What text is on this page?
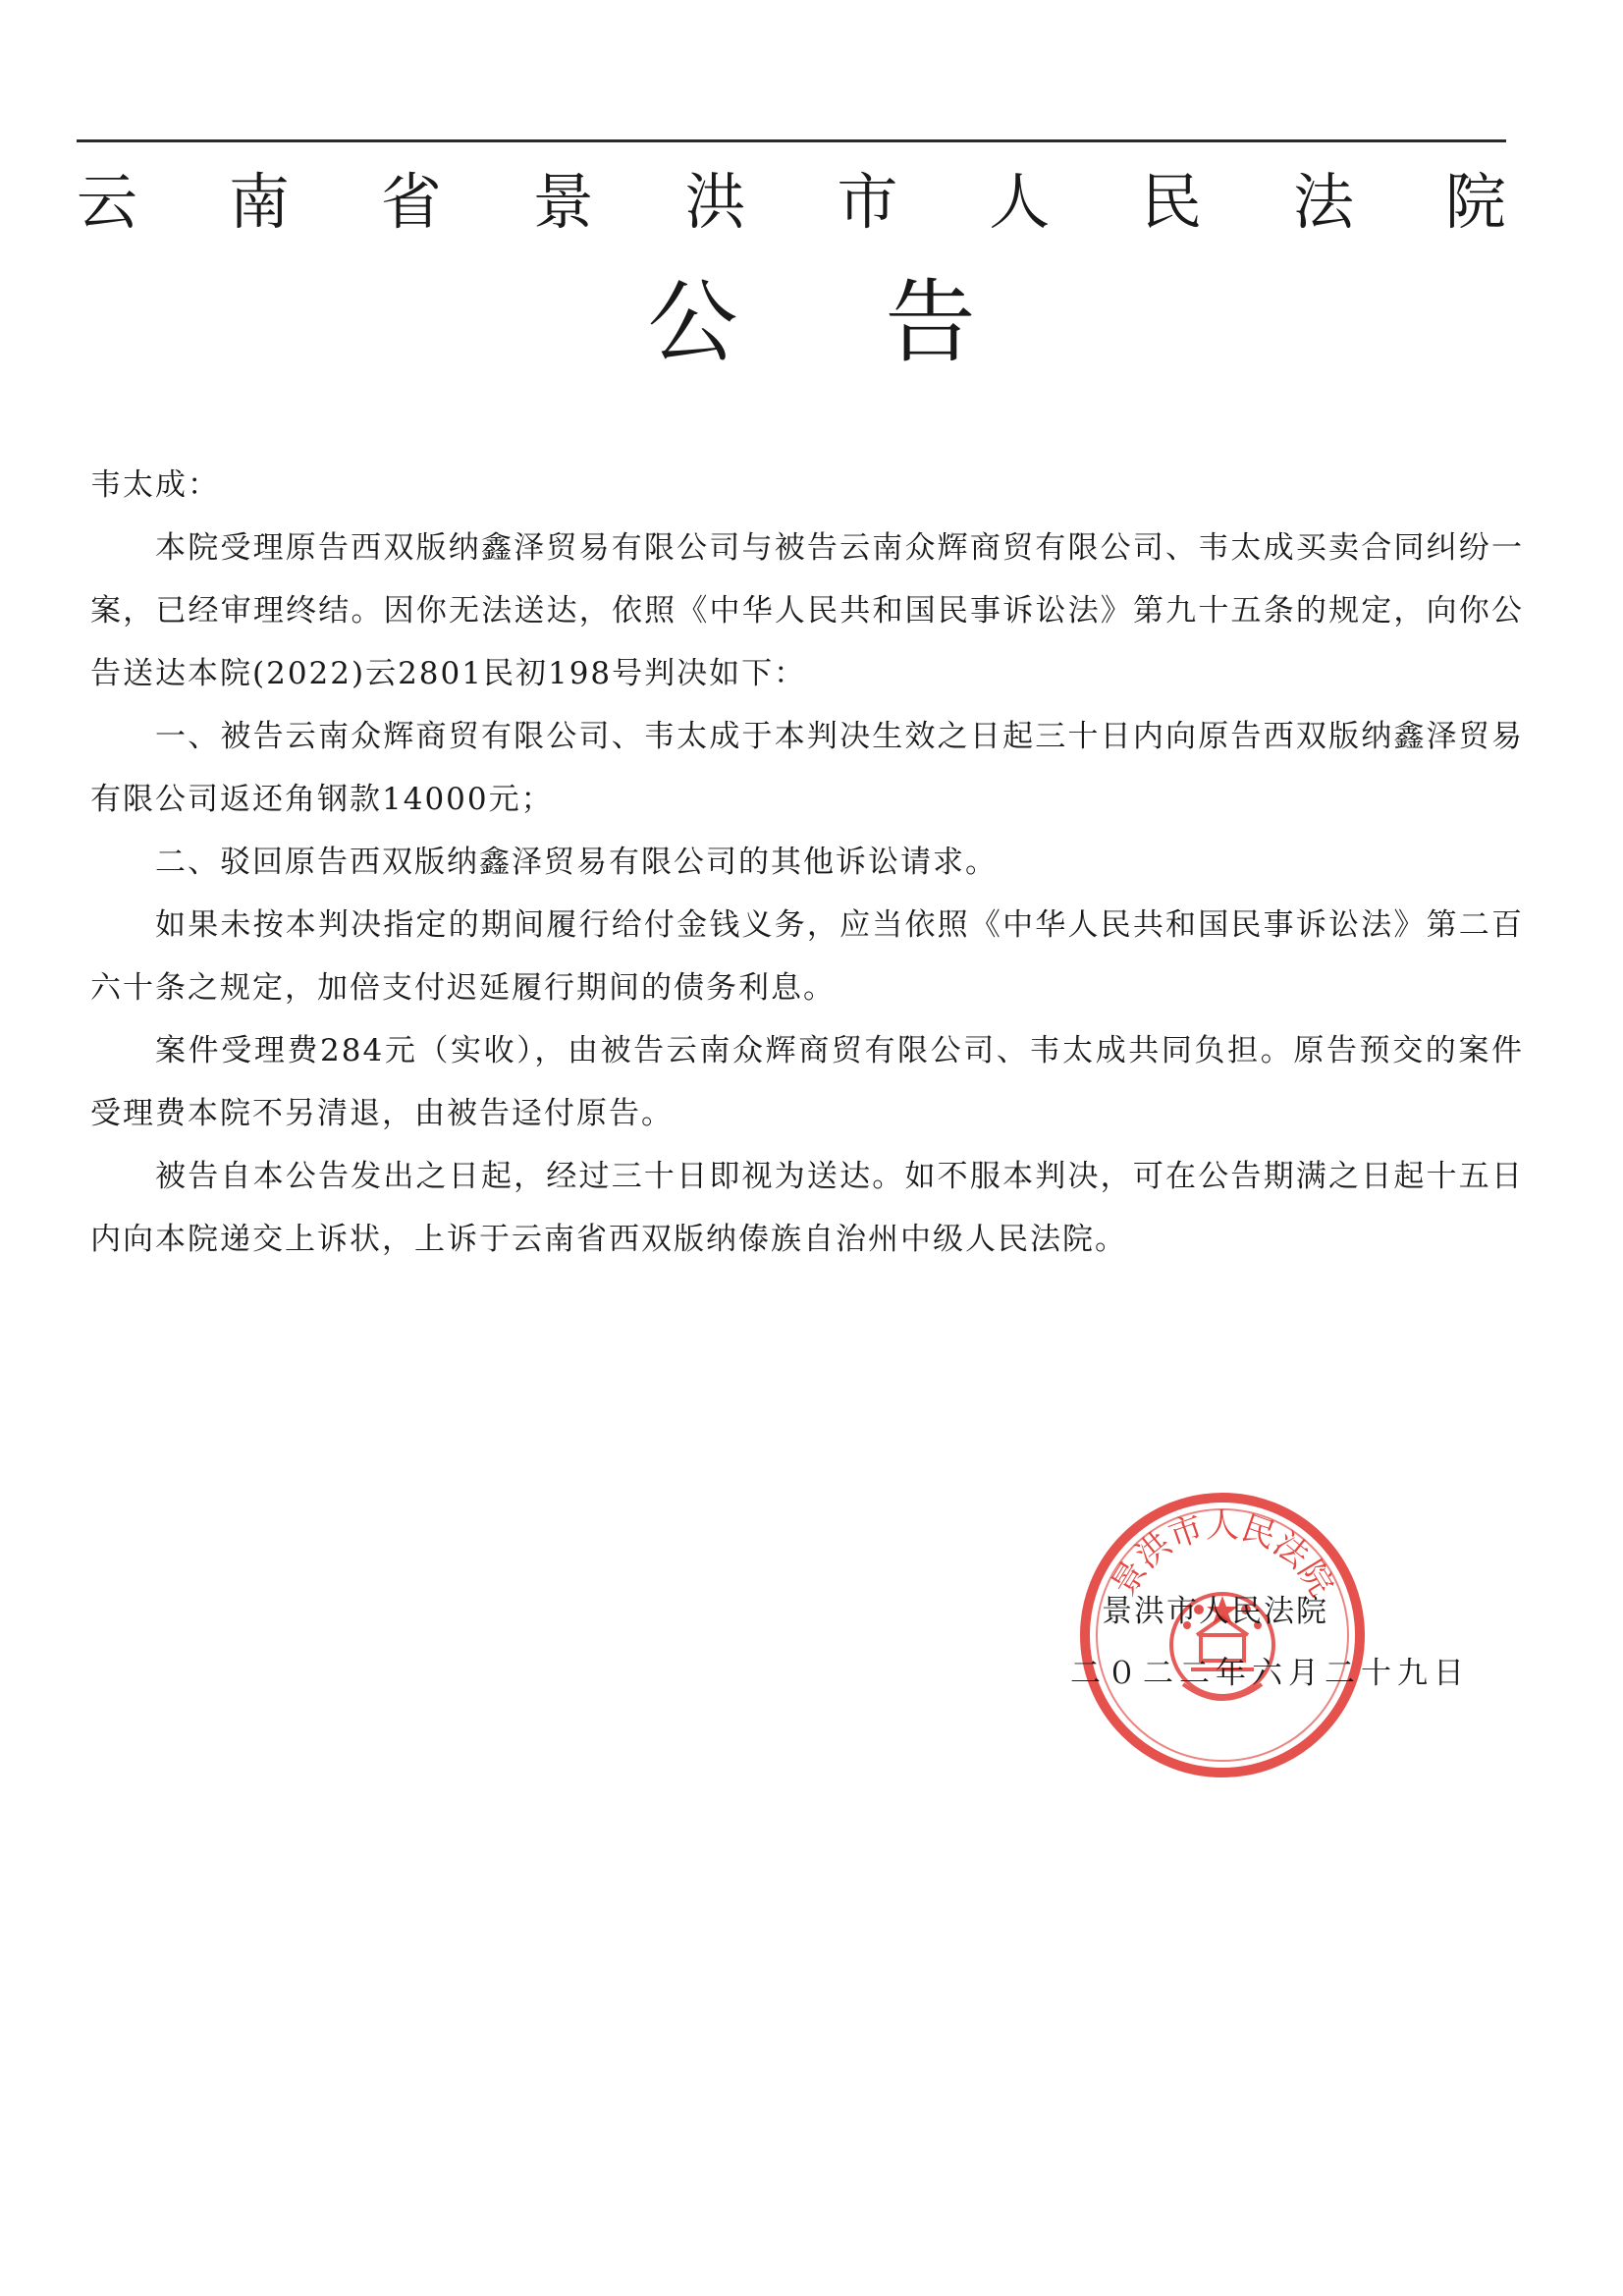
云 南 省 景 洪 市 人 民 法 院
公告

韦太成：

本院受理原告西双版纳鑫泽贸易有限公司与被告云南众辉商贸有限公司、韦太成买卖合同纠纷一案，已经审理终结。因你无法送达，依照《中华人民共和国民事诉讼法》第九十五条的规定，向你公告送达本院(2022)云2801民初198号判决如下：

一、被告云南众辉商贸有限公司、韦太成于本判决生效之日起三十日内向原告西双版纳鑫泽贸易有限公司返还角钢款14000元；

二、驳回原告西双版纳鑫泽贸易有限公司的其他诉讼请求。

如果未按本判决指定的期间履行给付金钱义务，应当依照《中华人民共和国民事诉讼法》第二百六十条之规定，加倍支付迟延履行期间的债务利息。

案件受理费284元（实收），由被告云南众辉商贸有限公司、韦太成共同负担。原告预交的案件受理费本院不另清退，由被告迳付原告。

被告自本公告发出之日起，经过三十日即视为送达。如不服本判决，可在公告期满之日起十五日内向本院递交上诉状，上诉于云南省西双版纳傣族自治州中级人民法院。

景洪市人民法院
景洪市人民法院
二０二二年六月二十九日
